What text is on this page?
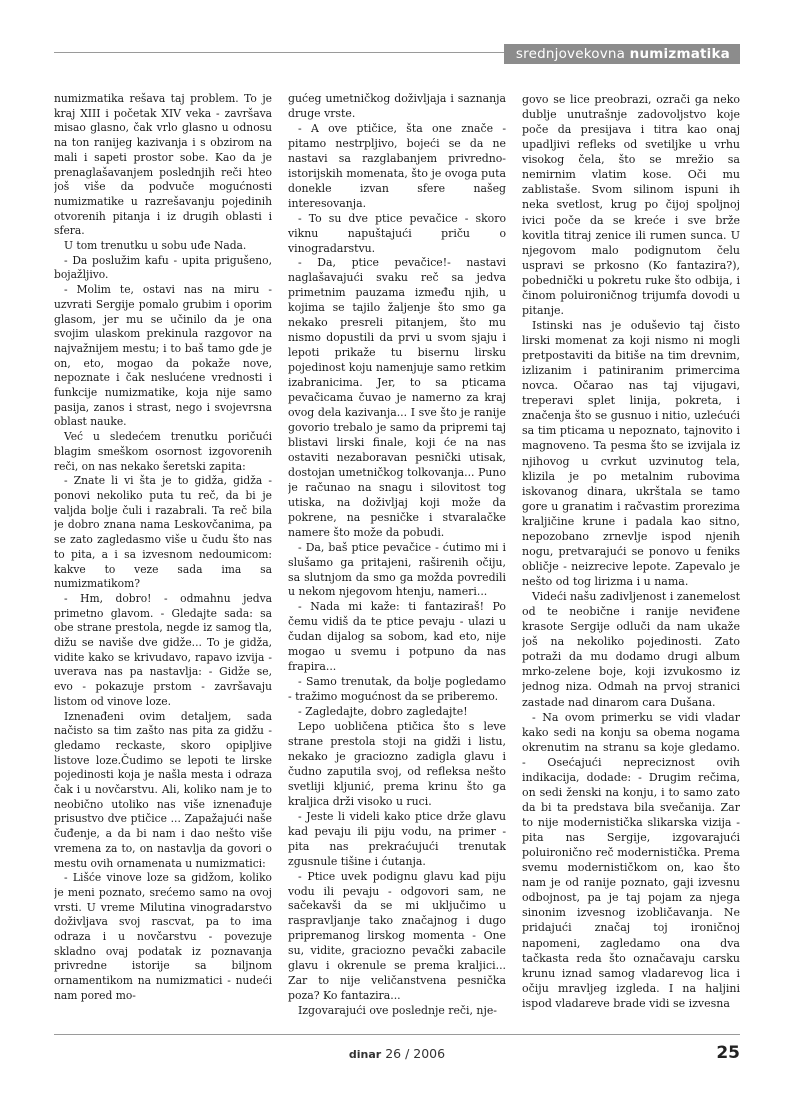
srednjovekovna numizmatika

numizmatika rešava taj problem. To je kraj XIII i početak XIV veka - završava misao glasno, čak vrlo glasno u odnosu na ton ranijeg kazivanja i s obzirom na mali i sapeti prostor sobe. Kao da je prenaglašavanjem poslednjih reči hteo još više da podvuče mogućnosti numizmatike u razrešavanju pojedinih otvorenih pitanja i iz drugih oblasti i sfera.

U tom trenutku u sobu uđe Nada.

- Da poslužim kafu - upita prigušeno, bojažljivo.

- Molim te, ostavi nas na miru - uzvrati Sergije pomalo grubim i oporim glasom, jer mu se učinilo da je ona svojim ulaskom prekinula razgovor na najvažnijem mestu; i to baš tamo gde je on, eto, mogao da pokaže nove, nepoznate i čak neslućene vrednosti i funkcije numizmatike, koja nije samo pasija, zanos i strast, nego i svojevrsna oblast nauke.

Već u sledećem trenutku poričući blagim smeškom osornost izgovorenih reči, on nas nekako šeretski zapita:

- Znate li vi šta je to gidža, gidža - ponovi nekoliko puta tu reč, da bi je valjda bolje čuli i razabrali. Ta reč bila je dobro znana nama Leskovčanima, pa se zato zagledasmo više u čudu što nas to pita, a i sa izvesnom nedoumicom: kakve to veze sada ima sa numizmatikom?

- Hm, dobro! - odmahnu jedva primetno glavom. - Gledajte sada: sa obe strane prestola, negde iz samog tla, dižu se naviše dve gidže... To je gidža, vidite kako se krivudavo, rapavo izvija - uverava nas pa nastavlja: - Gidže se, evo - pokazuje prstom - završavaju listom od vinove loze.

Iznenađeni ovim detaljem, sada načisto sa tim zašto nas pita za gidžu - gledamo reckaste, skoro opipljive listove loze.Čudimo se lepoti te lirske pojedinosti koja je našla mesta i odraza čak i u novčarstvu. Ali, koliko nam je to neobično utoliko nas više iznenađuje prisustvo dve ptičice ... Zapažajući naše čuđenje, a da bi nam i dao nešto više vremena za to, on nastavlja da govori o mestu ovih ornamenata u numizmatici:

- Lišće vinove loze sa gidžom, koliko je meni poznato, srećemo samo na ovoj vrsti. U vreme Milutina vinogradarstvo doživljava svoj rascvat, pa to ima odraza i u novčarstvu - povezuje skladno ovaj podatak iz poznavanja privredne istorije sa biljnom ornamentikom na numizmatici - nudeći nam pored mo-

gućeg umetničkog doživljaja i saznanja druge vrste.

- A ove ptičice, šta one znače - pitamo nestrpljivo, bojeći se da ne nastavi sa razglabanjem privredno-istorijskih momenata, što je ovoga puta donekle izvan sfere našeg interesovanja.

- To su dve ptice pevačice - skoro viknu napuštajući priču o vinogradarstvu.

- Da, ptice pevačice!- nastavi naglašavajući svaku reč sa jedva primetnim pauzama između njih, u kojima se tajilo žaljenje što smo ga nekako presreli pitanjem, što mu nismo dopustili da prvi u svom sjaju i lepoti prikaže tu bisernu lirsku pojedinost koju namenjuje samo retkim izabranicima. Jer, to sa pticama pevačicama čuvao je namerno za kraj ovog dela kazivanja... I sve što je ranije govorio trebalo je samo da pripremi taj blistavi lirski finale, koji će na nas ostaviti nezaboravan pesnički utisak, dostojan umetničkog tolkovanja... Puno je računao na snagu i silovitost tog utiska, na doživljaj koji može da pokrene, na pesničke i stvaralačke namere što može da pobudi.

- Da, baš ptice pevačice - ćutimo mi i slušamo ga pritajeni, raširenih očiju, sa slutnjom da smo ga možda povredili u nekom njegovom htenju, nameri...

- Nada mi kaže: ti fantaziraš! Po čemu vidiš da te ptice pevaju - ulazi u čudan dijalog sa sobom, kad eto, nije mogao u svemu i potpuno da nas frapira...

- Samo trenutak, da bolje pogledamo - tražimo mogućnost da se priberemo.

- Zagledajte, dobro zagledajte!

Lepo uobličena ptičica što s leve strane prestola stoji na gidži i listu, nekako je graciozno zadigla glavu i čudno zaputila svoj, od refleksa nešto svetliji kljunić, prema krinu što ga kraljica drži visoko u ruci.

- Jeste li videli kako ptice drže glavu kad pevaju ili piju vodu, na primer - pita nas prekraćujući trenutak zgusnule tišine i ćutanja.

- Ptice uvek podignu glavu kad piju vodu ili pevaju - odgovori sam, ne sačekavši da se mi uključimo u raspravljanje tako značajnog i dugo pripremanog lirskog momenta - One su, vidite, graciozno pevački zabacile glavu i okrenule se prema kraljici... Zar to nije veličanstvena pesnička poza? Ko fantazira...

Izgovarajući ove poslednje reči, nje-

govo se lice preobrazi, ozrači ga neko dublje unutrašnje zadovoljstvo koje poče da presijava i titra kao onaj upadljivi refleks od svetiljke u vrhu visokog čela, što se mrežio sa nemirnim vlatim kose. Oči mu zablistaše. Svom silinom ispuni ih neka svetlost, krug po čijoj spoljnoj ivici poče da se kreće i sve brže kovitla titraj zenice ili rumen sunca. U njegovom malo podignutom čelu uspravi se prkosno (Ko fantazira?), pobednički u pokretu ruke što odbija, i činom poluironičnog trijumfa dovodi u pitanje.

Istinski nas je oduševio taj čisto lirski momenat za koji nismo ni mogli pretpostaviti da bitiše na tim drevnim, izlizanim i patiniranim primercima novca. Očarao nas taj vijugavi, treperavi splet linija, pokreta, i značenja što se gusnuo i nitio, uzlećući sa tim pticama u nepoznato, tajnovito i magnoveno. Ta pesma što se izvijala iz njihovog u cvrkut uzvinutog tela, klizila je po metalnim rubovima iskovanog dinara, ukrštala se tamo gore u granatim i račvastim prorezima kraljičine krune i padala kao sitno, nepozobano zrnevlje ispod njenih nogu, pretvarajući se ponovo u feniks obličje - neizrecive lepote. Zapevalo je nešto od tog lirizma i u nama.

Videći našu zadivljenost i zanemelost od te neobične i ranije neviđene krasote Sergije odluči da nam ukaže još na nekoliko pojedinosti. Zato potraži da mu dodamo drugi album mrko-zelene boje, koji izvukosmo iz jednog niza. Odmah na prvoj stranici zastade nad dinarom cara Dušana.

- Na ovom primerku se vidi vladar kako sedi na konju sa obema nogama okrenutim na stranu sa koje gledamo. - Osećajući nepreciznost ovih indikacija, dodade: - Drugim rečima, on sedi ženski na konju, i to samo zato da bi ta predstava bila svečanija. Zar to nije modernistička slikarska vizija - pita nas Sergije, izgovarajući poluironično reč modernistička. Prema svemu modernističkom on, kao što nam je od ranije poznato, gaji izvesnu odbojnost, pa je taj pojam za njega sinonim izvesnog izobličavanja. Ne pridajući značaj toj ironičnoj napomeni, zagledamo ona dva tačkasta reda što označavaju carsku krunu iznad samog vladarevog lica i očiju mravljeg izgleda. I na haljini ispod vladareve brade vidi se izvesna

dinar 26 / 2006	25
